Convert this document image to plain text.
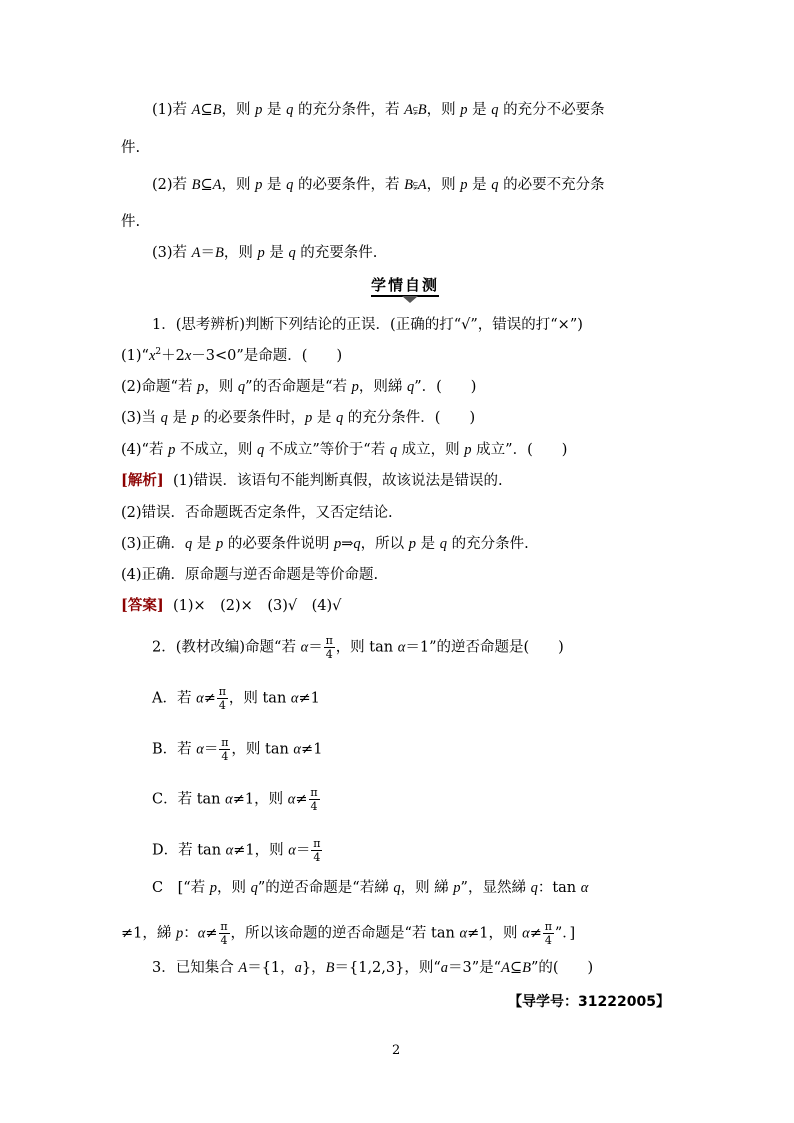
(1)若 A⊆B，则 p 是 q 的充分条件，若 A⫋B，则 p 是 q 的充分不必要条
件.
(2)若 B⊆A，则 p 是 q 的必要条件，若 B⫋A，则 p 是 q 的必要不充分条
件.
(3)若 A＝B，则 p 是 q 的充要条件.
学情自测
1．(思考辨析)判断下列结论的正误．(正确的打“√”，错误的打“×”)
$(1)“x^2+2x-3<0$”是命题．(　　)
(2)命题“若 p，则 q”的否命题是“若 p，则綈 q”．(　　)
(3)当 q 是 p 的必要条件时，p 是 q 的充分条件．(　　)
(4)“若 p 不成立，则 q 不成立”等价于“若 q 成立，则 p 成立”．(　　)
[解析] (1)错误．该语句不能判断真假，故该说法是错误的.
(2)错误．否命题既否定条件，又否定结论.
(3)正确．q 是 p 的必要条件说明 p⇒q，所以 p 是 q 的充分条件.
(4)正确．原命题与逆否命题是等价命题.
[答案] (1)×　(2)×　(3)√　(4)√
2．(教材改编)命题“若 $\alpha= \frac{\pi}{4}$ ，则 tan α＝1”的逆否命题是(　　)
A．若 $\alpha\ne \frac{\pi}{4}$ ，则 tan α≠1
B．若 $\alpha= \frac{\pi}{4}$ ，则 tan α≠1
C．若 tan α≠1，则 $\alpha\ne \frac{\pi}{4}$
D．若 tan α≠1，则 $\alpha= \frac{\pi}{4}$
C　[“若 p，则 q”的逆否命题是“若綈 q，则 綈 p”，显然綈 q：tan α
≠1，綈 p：$\alpha\ne \frac{\pi}{4}$ ，所以该命题的逆否命题是“若 tan α≠1，则 $\alpha\ne \frac{\pi}{4}$ ”．]
3．已知集合 A＝{1，a}，B＝{1,2,3}，则“a＝3”是“A⊆B”的(　　)
【导学号：31222005】
2
